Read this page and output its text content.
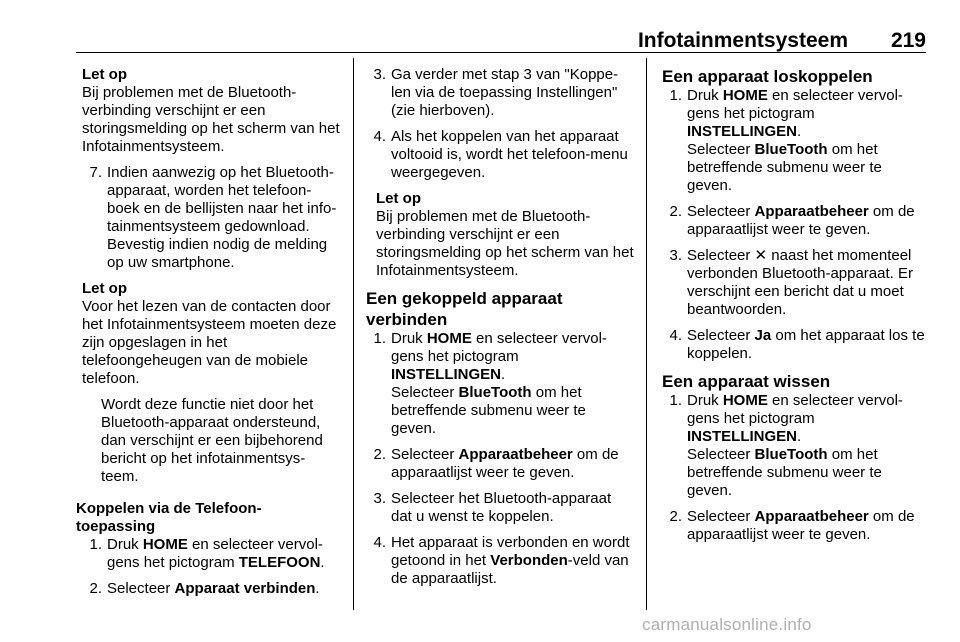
Infotainmentsysteem 219

Let op

Bij problemen met de Bluetooth-verbinding verschijnt er een storingsmelding op het scherm van het Infotainmentsysteem.

7. Indien aanwezig op het Bluetooth-apparaat, worden het telefoon-boek en de bellijsten naar het info-tainmentsysteem gedownload. Bevestig indien nodig de melding op uw smartphone.

Let op

Voor het lezen van de contacten door het Infotainmentsysteem moeten deze zijn opgeslagen in het telefoongeheugen van de mobiele telefoon.

Wordt deze functie niet door het Bluetooth-apparaat ondersteund, dan verschijnt er een bijbehorend bericht op het infotainmentsys-teem.

Koppelen via de Telefoon-toepassing

1. Druk HOME en selecteer vervol-gens het pictogram TELEFOON.
2. Selecteer Apparaat verbinden.
3. Ga verder met stap 3 van "Koppe-len via de toepassing Instellingen" (zie hierboven).
4. Als het koppelen van het apparaat voltooid is, wordt het telefoon-menu weergegeven.

Let op

Bij problemen met de Bluetooth-verbinding verschijnt er een storingsmelding op het scherm van het Infotainmentsysteem.

Een gekoppeld apparaat verbinden

1. Druk HOME en selecteer vervol-gens het pictogram
INSTELLINGEN.

Selecteer BlueTooth om het betreffende submenu weer te geven.

2. Selecteer Apparaatbeheer om de apparaatlijst weer te geven.
3. Selecteer het Bluetooth-apparaat dat u wenst te koppelen.
4. Het apparaat is verbonden en wordt getoond in het Verbonden-veld van de apparaatlijst.

Een apparaat loskoppelen

1. Druk HOME en selecteer vervol-gens het pictogram
INSTELLINGEN.

Selecteer BlueTooth om het betreffende submenu weer te geven.

2. Selecteer Apparaatbeheer om de apparaatlijst weer te geven.
3. Selecteer ✕ naast het momenteel verbonden Bluetooth-apparaat. Er verschijnt een bericht dat u moet beantwoorden.
4. Selecteer Ja om het apparaat los te koppelen.

Een apparaat wissen

1. Druk HOME en selecteer vervol-gens het pictogram
INSTELLINGEN.

Selecteer BlueTooth om het betreffende submenu weer te geven.

2. Selecteer Apparaatbeheer om de apparaatlijst weer te geven.
carmanualsonline.info
